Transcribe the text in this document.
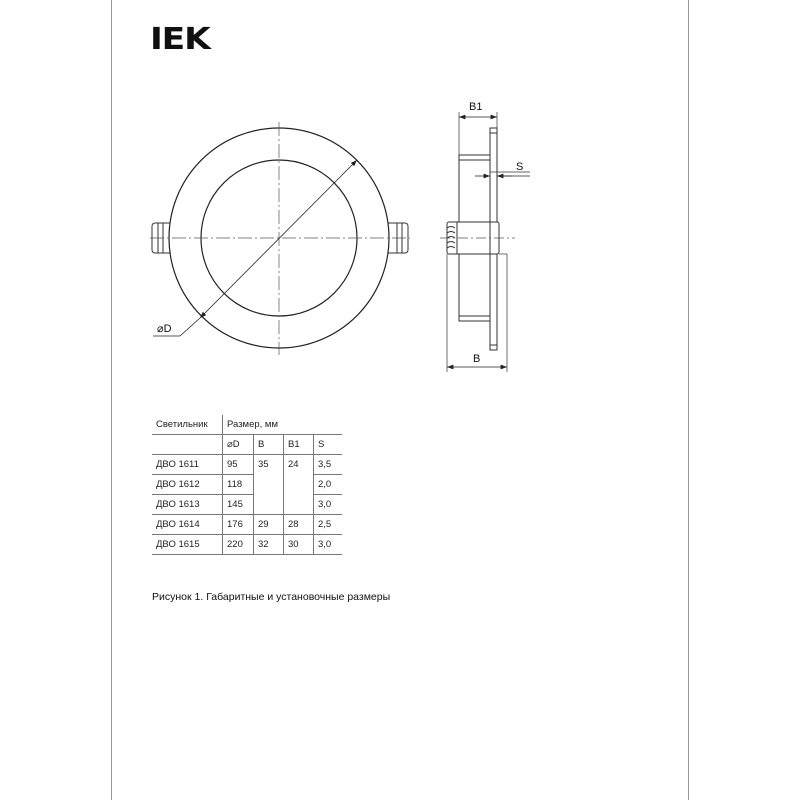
IEK
⌀D
B1
S
B
Светильник	Размер, мм			
	⌀D	B	B1	S
ДВО 1611	95	35	24	3,5
ДВО 1612	118			2,0
ДВО 1613	145			3,0
ДВО 1614	176	29	28	2,5
ДВО 1615	220	32	30	3,0
Рисунок 1. Габаритные и установочные размеры
